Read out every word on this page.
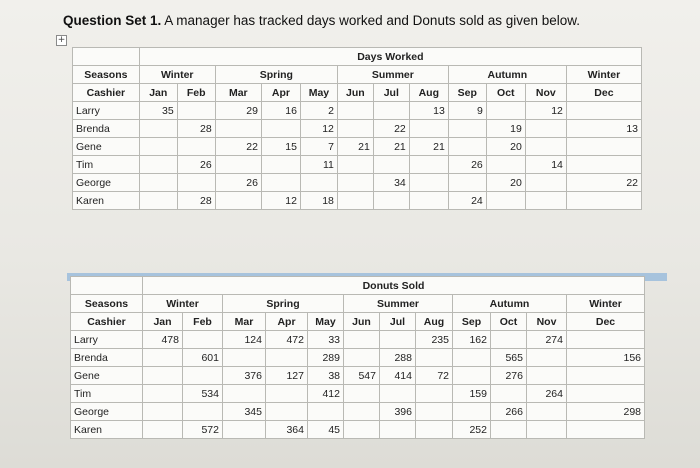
Question Set 1. A manager has tracked days worked and Donuts sold as given below.
+
	Days Worked											
Seasons	Winter		Spring			Summer			Autumn			Winter
Cashier	Jan	Feb	Mar	Apr	May	Jun	Jul	Aug	Sep	Oct	Nov	Dec
Larry	35		29	16	2			13	9		12	
Brenda		28			12		22			19		13
Gene			22	15	7	21	21	21		20		
Tim		26			11				26		14	
George			26				34			20		22
Karen		28		12	18				24			
	Donuts Sold											
Seasons	Winter		Spring			Summer			Autumn			Winter
Cashier	Jan	Feb	Mar	Apr	May	Jun	Jul	Aug	Sep	Oct	Nov	Dec
Larry	478		124	472	33			235	162		274	
Brenda		601			289		288			565		156
Gene			376	127	38	547	414	72		276		
Tim		534			412				159		264	
George			345				396			266		298
Karen		572		364	45				252			
